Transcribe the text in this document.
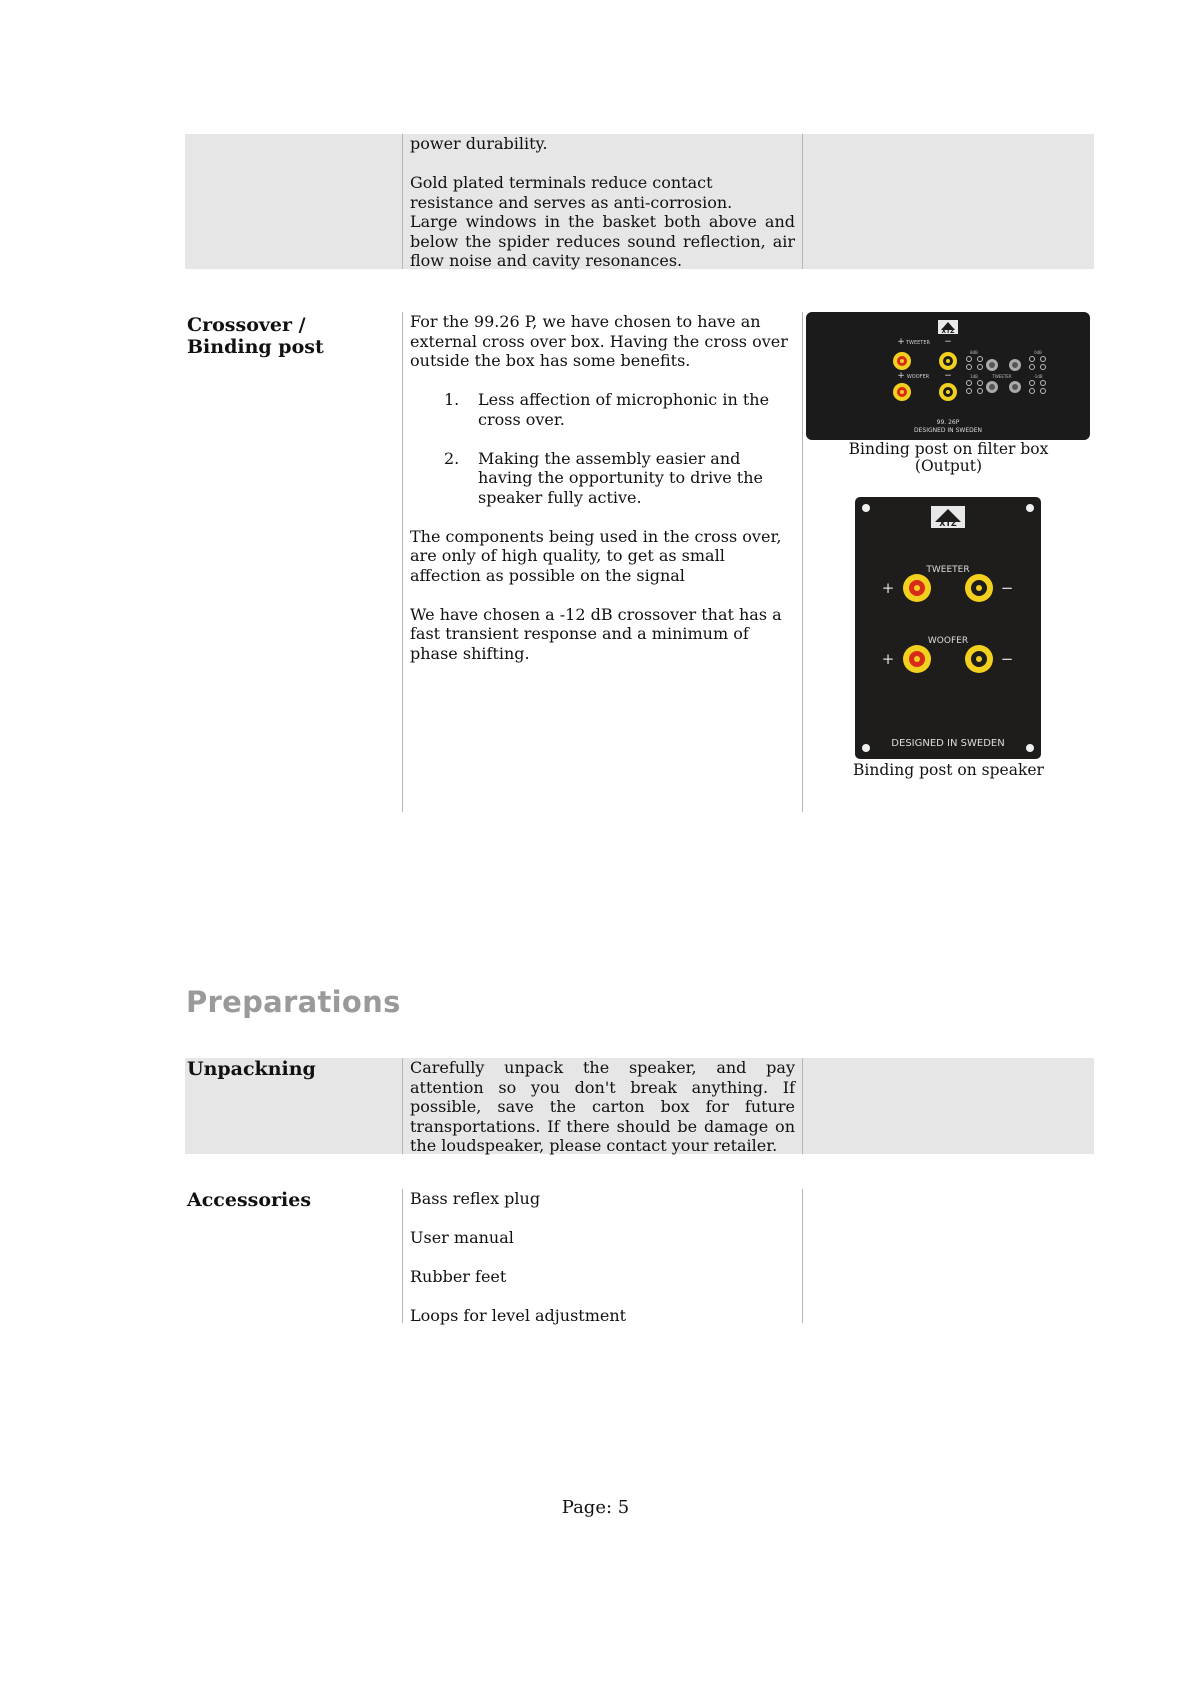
power durability.

Gold plated terminals reduce contact resistance and serves as anti-corrosion.

Large windows in the basket both above and below the spider reduces sound reflection, air flow noise and cavity resonances.

Crossover /
Binding post

For the 99.26 P, we have chosen to have an external cross over box. Having the cross over outside the box has some benefits.

1.	Less affection of microphonic in the cross over.
2.	Making the assembly easier and having the opportunity to drive the speaker fully active.

The components being used in the cross over, are only of high quality, to get as small affection as possible on the signal

We have chosen a -12 dB crossover that has a fast transient response and a minimum of phase shifting.

XTZ
+ TWEETER −
+ WOOFER −
8dB
1dB
0dB
-1dB
TWEETER
99. 26P
DESIGNED IN SWEDEN
Binding post on filter box (Output)
XTZ
TWEETER
+	−
WOOFER
+	−
DESIGNED IN SWEDEN
Binding post on speaker
Preparations
Unpackning	Carefully unpack the speaker, and pay attention so you don't break anything. If possible, save the carton box for future transportations. If there should be damage on the loudspeaker, please contact your retailer.

Accessories	Bass reflex plug

User manual

Rubber feet

Loops for level adjustment

Page: 5
